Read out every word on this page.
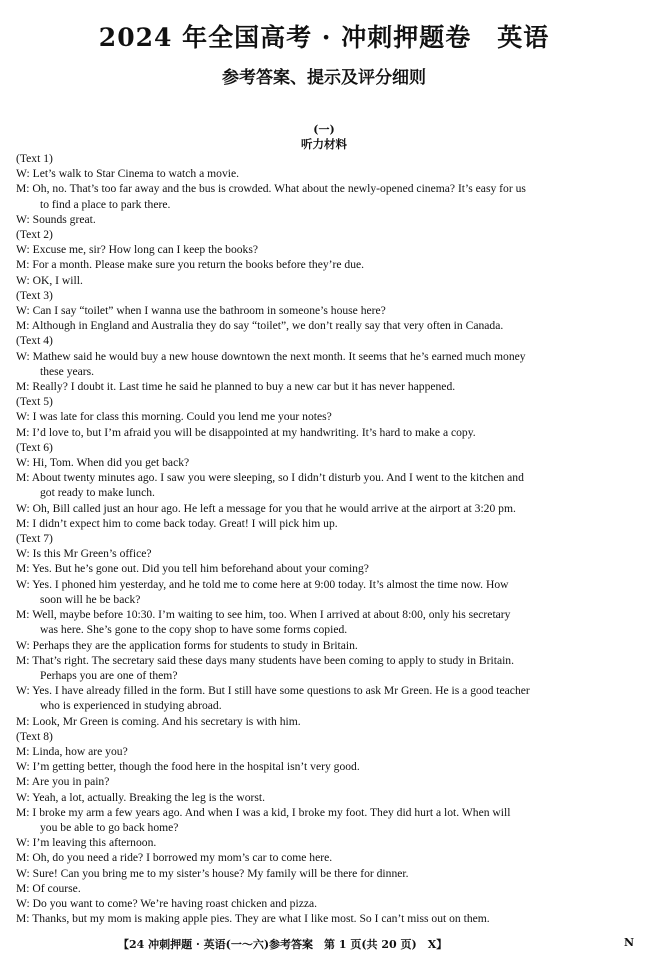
2024 年全国高考 · 冲刺押题卷　英语
参考答案、提示及评分细则
(一)
听力材料
(Text 1)
W: Let’s walk to Star Cinema to watch a movie.
M: Oh, no. That’s too far away and the bus is crowded. What about the newly-opened cinema? It’s easy for us
to find a place to park there.
W: Sounds great.
(Text 2)
W: Excuse me, sir? How long can I keep the books?
M: For a month. Please make sure you return the books before they’re due.
W: OK, I will.
(Text 3)
W: Can I say “toilet” when I wanna use the bathroom in someone’s house here?
M: Although in England and Australia they do say “toilet”, we don’t really say that very often in Canada.
(Text 4)
W: Mathew said he would buy a new house downtown the next month. It seems that he’s earned much money
these years.
M: Really? I doubt it. Last time he said he planned to buy a new car but it has never happened.
(Text 5)
W: I was late for class this morning. Could you lend me your notes?
M: I’d love to, but I’m afraid you will be disappointed at my handwriting. It’s hard to make a copy.
(Text 6)
W: Hi, Tom. When did you get back?
M: About twenty minutes ago. I saw you were sleeping, so I didn’t disturb you. And I went to the kitchen and
got ready to make lunch.
W: Oh, Bill called just an hour ago. He left a message for you that he would arrive at the airport at 3:20 pm.
M: I didn’t expect him to come back today. Great! I will pick him up.
(Text 7)
W: Is this Mr Green’s office?
M: Yes. But he’s gone out. Did you tell him beforehand about your coming?
W: Yes. I phoned him yesterday, and he told me to come here at 9:00 today. It’s almost the time now. How
soon will he be back?
M: Well, maybe before 10:30. I’m waiting to see him, too. When I arrived at about 8:00, only his secretary
was here. She’s gone to the copy shop to have some forms copied.
W: Perhaps they are the application forms for students to study in Britain.
M: That’s right. The secretary said these days many students have been coming to apply to study in Britain.
Perhaps you are one of them?
W: Yes. I have already filled in the form. But I still have some questions to ask Mr Green. He is a good teacher
who is experienced in studying abroad.
M: Look, Mr Green is coming. And his secretary is with him.
(Text 8)
M: Linda, how are you?
W: I’m getting better, though the food here in the hospital isn’t very good.
M: Are you in pain?
W: Yeah, a lot, actually. Breaking the leg is the worst.
M: I broke my arm a few years ago. And when I was a kid, I broke my foot. They did hurt a lot. When will
you be able to go back home?
W: I’m leaving this afternoon.
M: Oh, do you need a ride? I borrowed my mom’s car to come here.
W: Sure! Can you bring me to my sister’s house? My family will be there for dinner.
M: Of course.
W: Do you want to come? We’re having roast chicken and pizza.
M: Thanks, but my mom is making apple pies. They are what I like most. So I can’t miss out on them.
【24 冲刺押题 · 英语(一～六)参考答案　第 1 页(共 20 页)　X】	N
